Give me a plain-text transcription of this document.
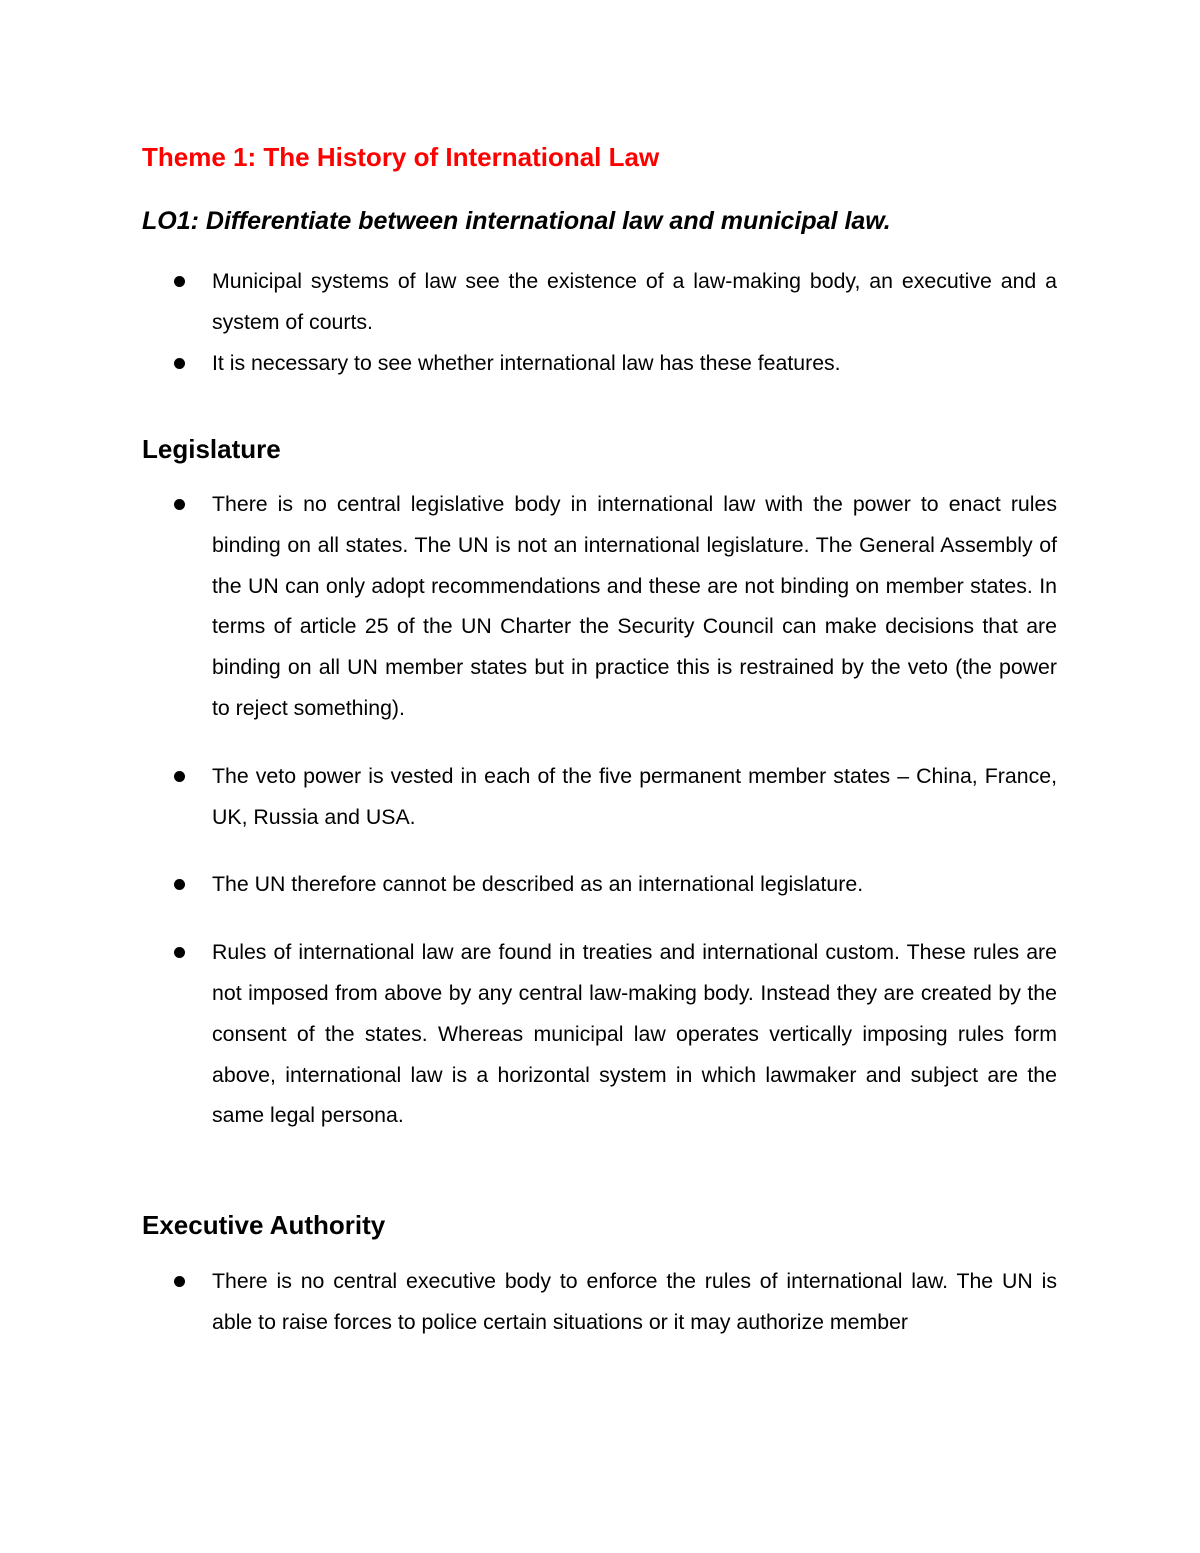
Theme 1: The History of International Law
LO1: Differentiate between international law and municipal law.
Municipal systems of law see the existence of a law-making body, an executive and a system of courts.
It is necessary to see whether international law has these features.
Legislature
There is no central legislative body in international law with the power to enact rules binding on all states. The UN is not an international legislature. The General Assembly of the UN can only adopt recommendations and these are not binding on member states. In terms of article 25 of the UN Charter the Security Council can make decisions that are binding on all UN member states but in practice this is restrained by the veto (the power to reject something).
The veto power is vested in each of the five permanent member states – China, France, UK, Russia and USA.
The UN therefore cannot be described as an international legislature.
Rules of international law are found in treaties and international custom. These rules are not imposed from above by any central law-making body. Instead they are created by the consent of the states. Whereas municipal law operates vertically imposing rules form above, international law is a horizontal system in which lawmaker and subject are the same legal persona.
Executive Authority
There is no central executive body to enforce the rules of international law. The UN is able to raise forces to police certain situations or it may authorize member
